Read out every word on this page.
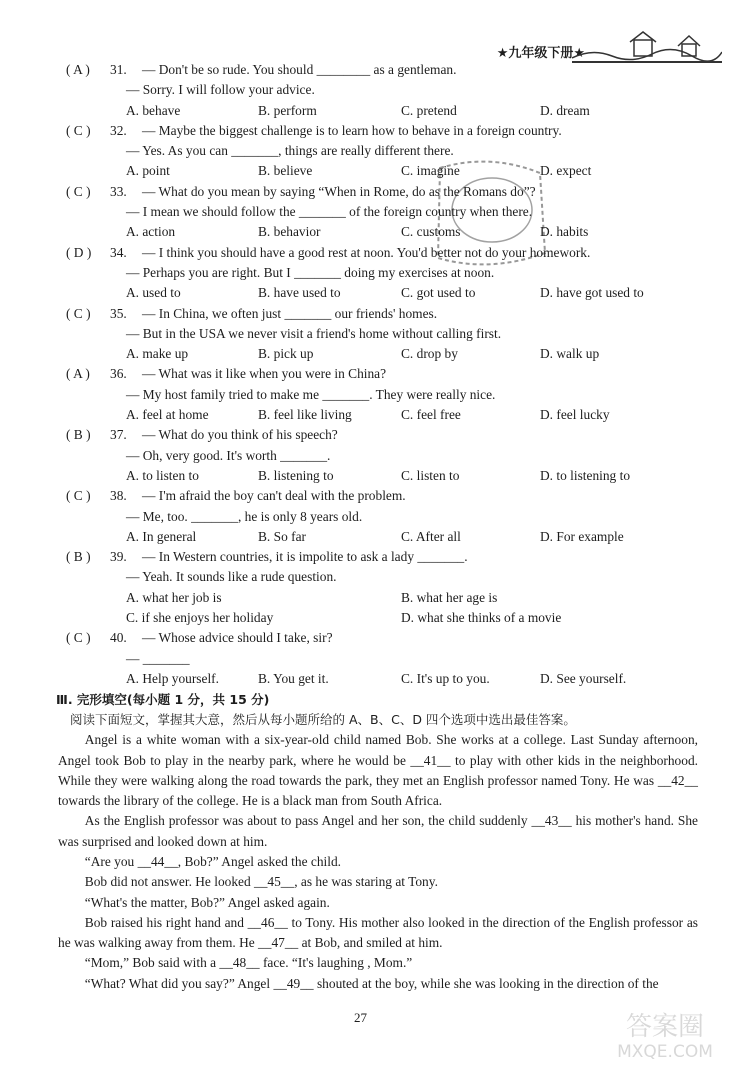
★九年级下册★
( A )	31. — Don't be so rude. You should ________ as a gentleman.
— Sorry. I will follow your advice.
A. behave	B. perform	C. pretend	D. dream
( C )	32. — Maybe the biggest challenge is to learn how to behave in a foreign country.
— Yes. As you can _______, things are really different there.
A. point	B. believe	C. imagine	D. expect
( C )	33. — What do you mean by saying “When in Rome, do as the Romans do”?
— I mean we should follow the _______ of the foreign country when there.
A. action	B. behavior	C. customs	D. habits
( D )	34. — I think you should have a good rest at noon. You'd better not do your homework.
— Perhaps you are right. But I _______ doing my exercises at noon.
A. used to	B. have used to	C. got used to	D. have got used to
( C )	35. — In China, we often just _______ our friends' homes.
— But in the USA we never visit a friend's home without calling first.
A. make up	B. pick up	C. drop by	D. walk up
( A )	36. — What was it like when you were in China?
— My host family tried to make me _______. They were really nice.
A. feel at home	B. feel like living	C. feel free	D. feel lucky
( B )	37. — What do you think of his speech?
— Oh, very good. It's worth _______.
A. to listen to	B. listening to	C. listen to	D. to listening to
( C )	38. — I'm afraid the boy can't deal with the problem.
— Me, too. _______, he is only 8 years old.
A. In general	B. So far	C. After all	D. For example
( B )	39. — In Western countries, it is impolite to ask a lady _______.
— Yeah. It sounds like a rude question.
A. what her job is	B. what her age is
C. if she enjoys her holiday	D. what she thinks of a movie
( C )	40. — Whose advice should I take, sir?
— _______
A. Help yourself.	B. You get it.	C. It's up to you.	D. See yourself.
Ⅲ. 完形填空(每小题 1 分，共 15 分)
阅读下面短文，掌握其大意，然后从每小题所给的 A、B、C、D 四个选项中选出最佳答案。

Angel is a white woman with a six-year-old child named Bob. She works at a college. Last Sunday afternoon, Angel took Bob to play in the nearby park, where he would be __41__ to play with other kids in the neighborhood. While they were walking along the road towards the park, they met an English professor named Tony. He was __42__ towards the library of the college. He is a black man from South Africa.

As the English professor was about to pass Angel and her son, the child suddenly __43__ his mother's hand. She was surprised and looked down at him.

“Are you __44__, Bob?” Angel asked the child.

Bob did not answer. He looked __45__, as he was staring at Tony.

“What's the matter, Bob?” Angel asked again.

Bob raised his right hand and __46__ to Tony. His mother also looked in the direction of the English professor as he was walking away from them. He __47__ at Bob, and smiled at him.

“Mom,” Bob said with a __48__ face. “It's laughing , Mom.”

“What? What did you say?” Angel __49__ shouted at the boy, while she was looking in the direction of the

27	答案圈
MXQE.COM
